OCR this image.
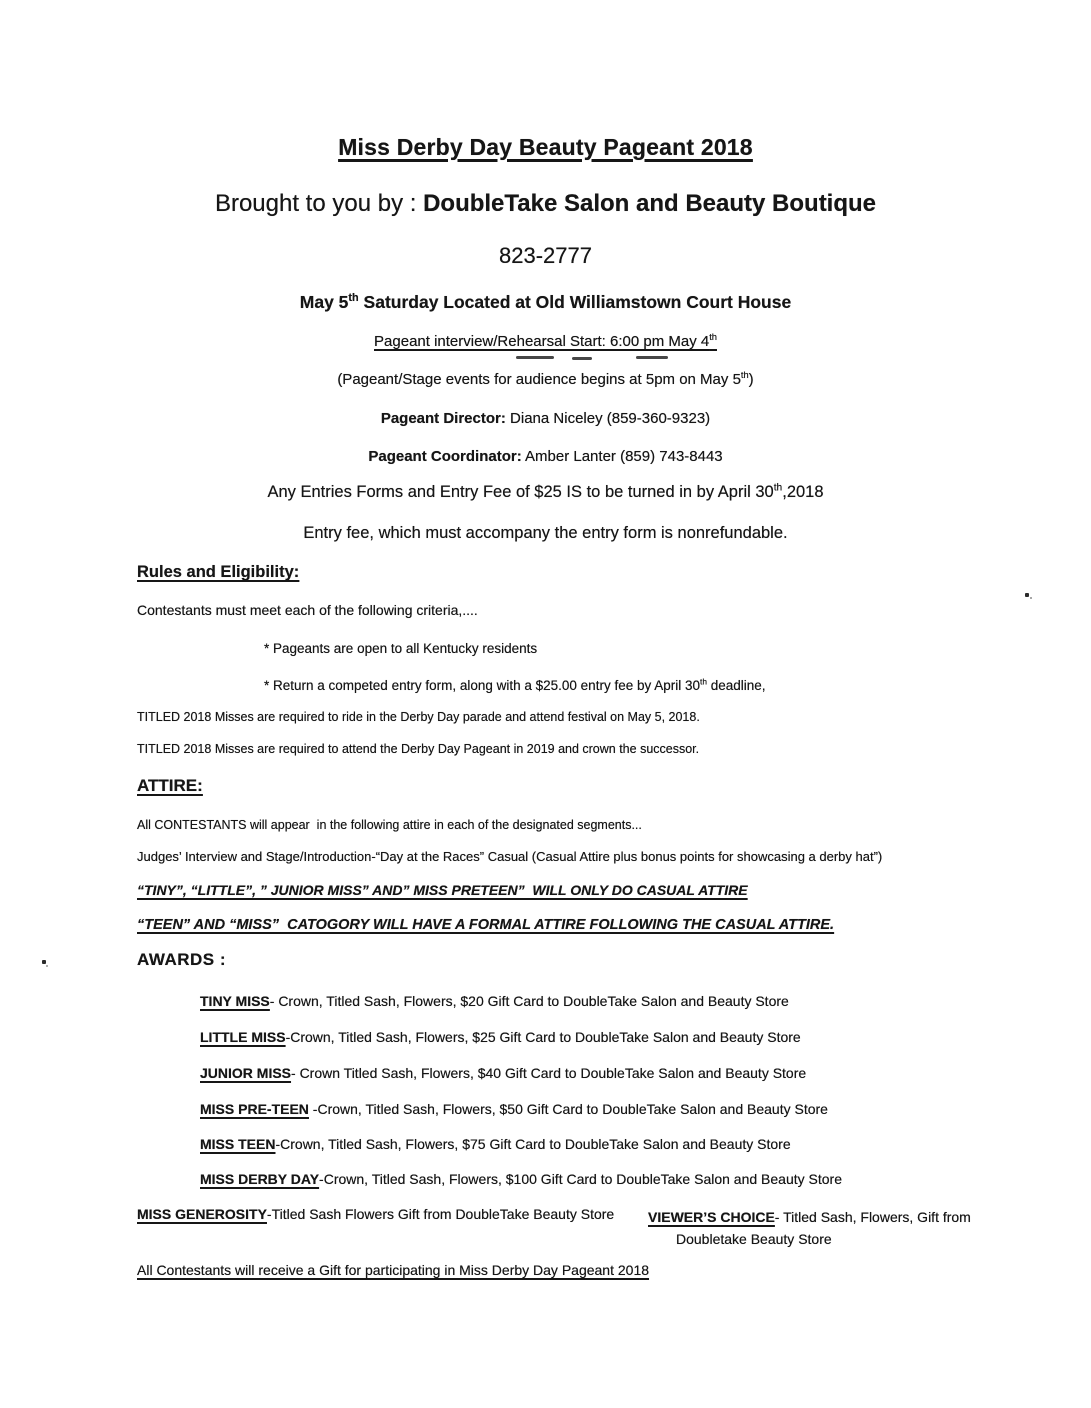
Miss Derby Day Beauty Pageant 2018
Brought to you by : DoubleTake Salon and Beauty Boutique
823-2777
May 5th Saturday Located at Old Williamstown Court House
Pageant interview/Rehearsal Start: 6:00 pm May 4th
(Pageant/Stage events for audience begins at 5pm on May 5th)
Pageant Director: Diana Niceley (859-360-9323)
Pageant Coordinator: Amber Lanter (859) 743-8443
Any Entries Forms and Entry Fee of $25 IS to be turned in by April 30th,2018
Entry fee, which must accompany the entry form is nonrefundable.
Rules and Eligibility:
Contestants must meet each of the following criteria,....
* Pageants are open to all Kentucky residents
* Return a competed entry form, along with a $25.00 entry fee by April 30th deadline,
TITLED 2018 Misses are required to ride in the Derby Day parade and attend festival on May 5, 2018.
TITLED 2018 Misses are required to attend the Derby Day Pageant in 2019 and crown the successor.
ATTIRE:
All CONTESTANTS will appear  in the following attire in each of the designated segments...
Judges’ Interview and Stage/Introduction-“Day at the Races” Casual (Casual Attire plus bonus points for showcasing a derby hat”)
“TINY”, “LITTLE”, ” JUNIOR MISS” AND” MISS PRETEEN”  WILL ONLY DO CASUAL ATTIRE
“TEEN” AND “MISS”  CATOGORY WILL HAVE A FORMAL ATTIRE FOLLOWING THE CASUAL ATTIRE.
AWARDS :
TINY MISS- Crown, Titled Sash, Flowers, $20 Gift Card to DoubleTake Salon and Beauty Store
LITTLE MISS-Crown, Titled Sash, Flowers, $25 Gift Card to DoubleTake Salon and Beauty Store
JUNIOR MISS- Crown Titled Sash, Flowers, $40 Gift Card to DoubleTake Salon and Beauty Store
MISS PRE-TEEN -Crown, Titled Sash, Flowers, $50 Gift Card to DoubleTake Salon and Beauty Store
MISS TEEN-Crown, Titled Sash, Flowers, $75 Gift Card to DoubleTake Salon and Beauty Store
MISS DERBY DAY-Crown, Titled Sash, Flowers, $100 Gift Card to DoubleTake Salon and Beauty Store
MISS GENEROSITY-Titled Sash Flowers Gift from DoubleTake Beauty Store VIEWER’S CHOICE- Titled Sash, Flowers, Gift from Doubletake Beauty Store
All Contestants will receive a Gift for participating in Miss Derby Day Pageant 2018
